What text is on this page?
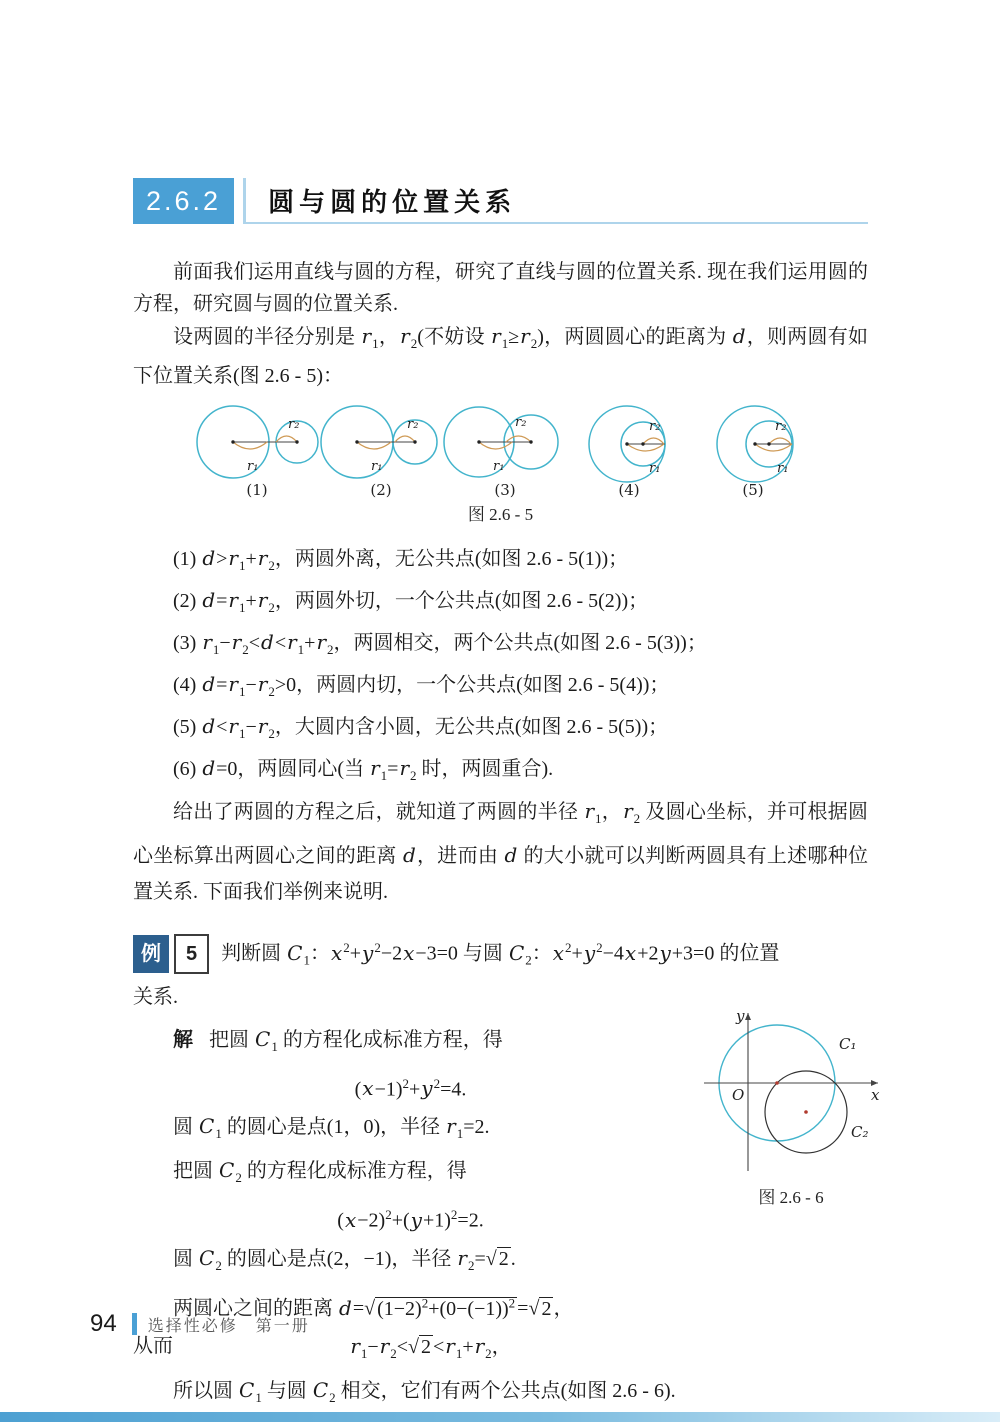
2.6.2	圆与圆的位置关系

前面我们运用直线与圆的方程，研究了直线与圆的位置关系. 现在我们运用圆的方程，研究圆与圆的位置关系.

设两圆的半径分别是 $r_1$，$r_2$(不妨设 $r_1\ge r_2$)，两圆圆心的距离为 d，则两圆有如下位置关系(图 2.6 - 5)：

r₁
r₂
(1)
r₁
r₂
(2)
r₁
r₂
(3)
r₁
r₂
(4)
r₁
r₂
(5)
图 2.6 - 5
(1) $d>r_1+r_2$，两圆外离，无公共点(如图 2.6 - 5(1))；
(2) $d=r_1+r_2$，两圆外切，一个公共点(如图 2.6 - 5(2))；
(3) $r_1-r_2<d<r_1+r_2$，两圆相交，两个公共点(如图 2.6 - 5(3))；
(4) $d=r_1-r_2>0$，两圆内切，一个公共点(如图 2.6 - 5(4))；
(5) $d<r_1-r_2$，大圆内含小圆，无公共点(如图 2.6 - 5(5))；
(6) d=0，两圆同心(当 $r_1=r_2$ 时，两圆重合).

给出了两圆的方程之后，就知道了两圆的半径 $r_1$，$r_2$ 及圆心坐标，并可根据圆心坐标算出两圆心之间的距离 d，进而由 d 的大小就可以判断两圆具有上述哪种位置关系. 下面我们举例来说明.

例	5	判断圆 $C_1$：$x^2+y^2-2x-3=0$ 与圆 $C_2$：$x^2+y^2-4x+2y+3=0$ 的位置
关系.
y
x
O
C₁
C₂
图 2.6 - 6
解 把圆 $C_1$ 的方程化成标准方程，得
$(x-1)^2+y^2=4$.
圆 $C_1$ 的圆心是点(1，0)，半径 $r_1=2$.
把圆 $C_2$ 的方程化成标准方程，得
$(x-2)^2+(y+1)^2=2$.
圆 $C_2$ 的圆心是点(2，−1)，半径 $r_2=√$ 2 .
两圆心之间的距离 d=√ $(1-2)^2+(0-(-1))^2$ =√ 2 ，
从而	$r_1-r_2<√$ $2 <r_1+r_2$，
所以圆 $C_1$ 与圆 $C_2$ 相交，它们有两个公共点(如图 2.6 - 6).
94 选择性必修　第一册
